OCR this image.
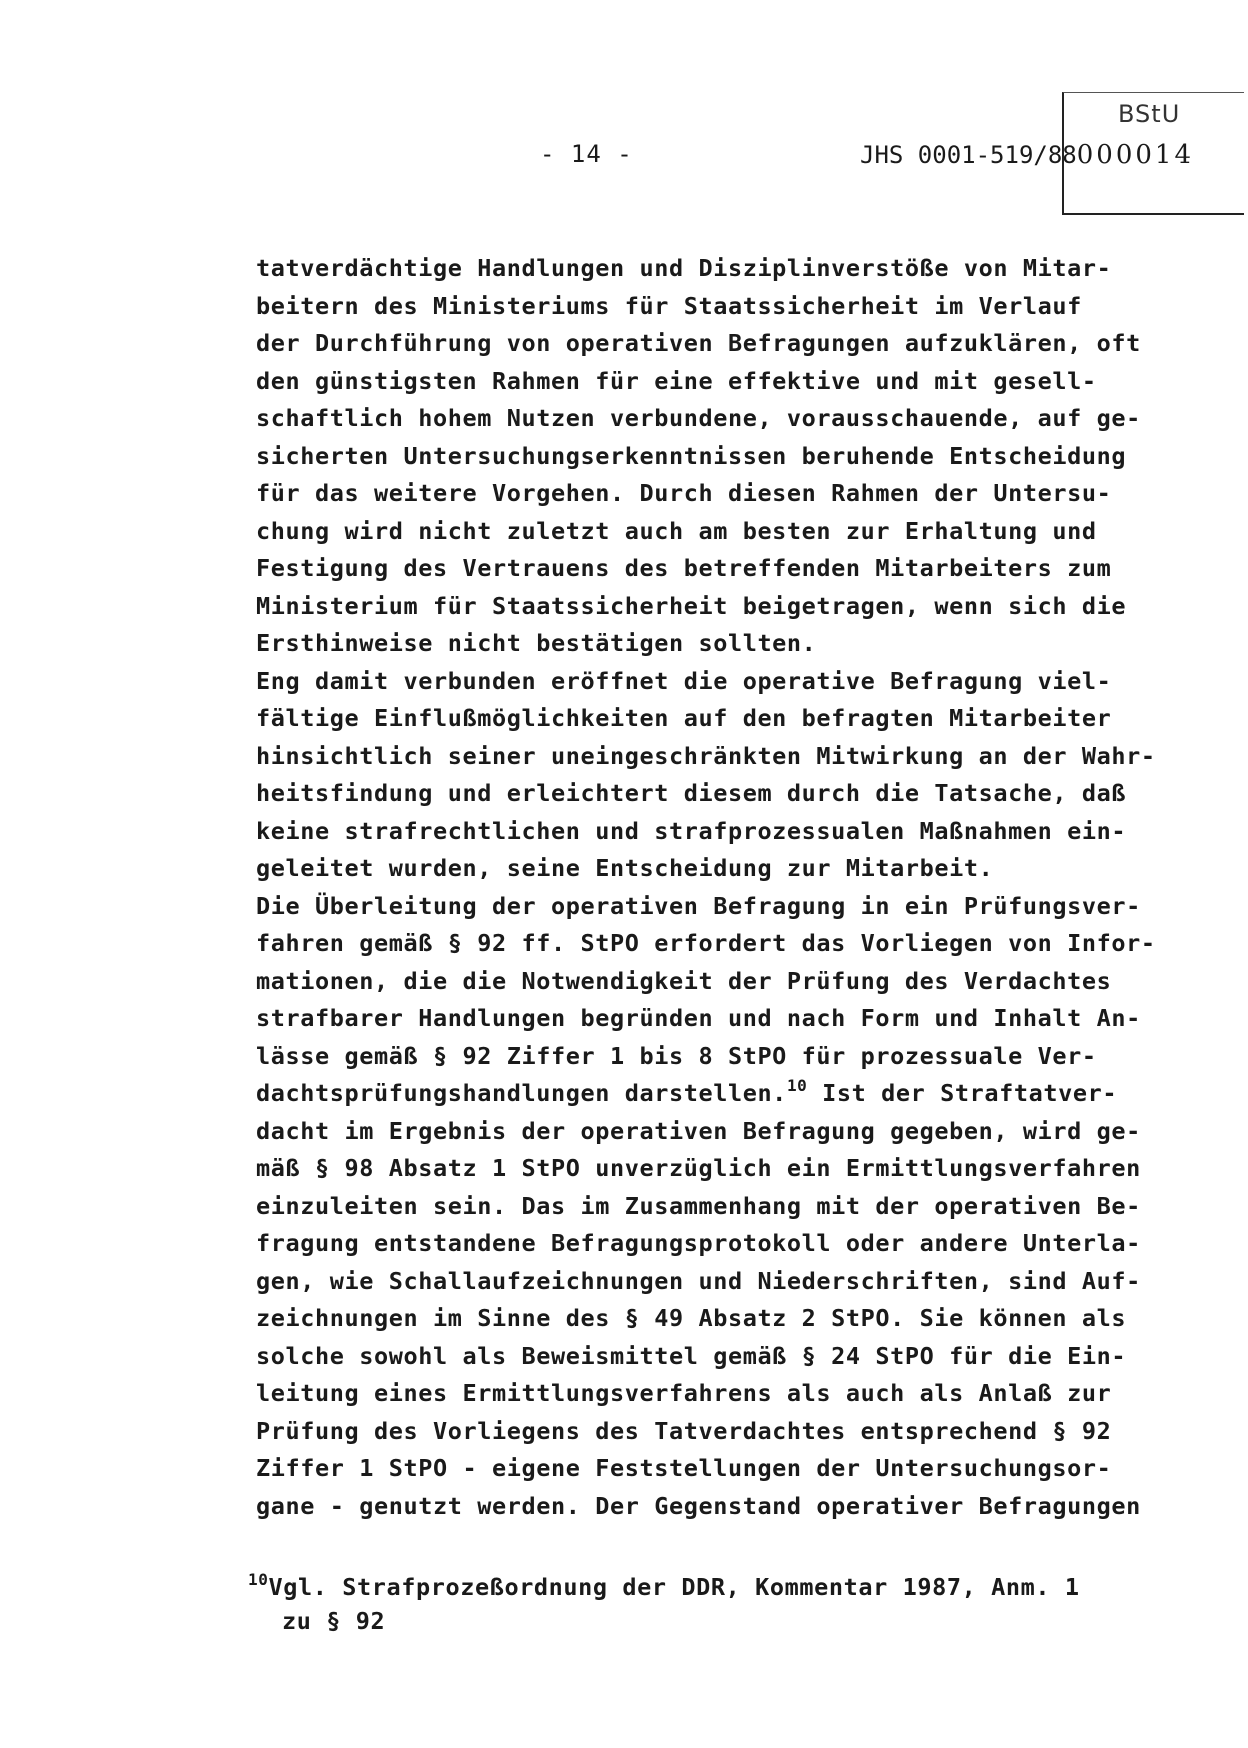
- 14 -	JHS 0001-519/88000014
BStU
tatverdächtige Handlungen und Disziplinverstöße von Mitar-
beitern des Ministeriums für Staatssicherheit im Verlauf
der Durchführung von operativen Befragungen aufzuklären, oft
den günstigsten Rahmen für eine effektive und mit gesell-
schaftlich hohem Nutzen verbundene, vorausschauende, auf ge-
sicherten Untersuchungserkenntnissen beruhende Entscheidung
für das weitere Vorgehen. Durch diesen Rahmen der Untersu-
chung wird nicht zuletzt auch am besten zur Erhaltung und
Festigung des Vertrauens des betreffenden Mitarbeiters zum
Ministerium für Staatssicherheit beigetragen, wenn sich die
Ersthinweise nicht bestätigen sollten.
Eng damit verbunden eröffnet die operative Befragung viel-
fältige Einflußmöglichkeiten auf den befragten Mitarbeiter
hinsichtlich seiner uneingeschränkten Mitwirkung an der Wahr-
heitsfindung und erleichtert diesem durch die Tatsache, daß
keine strafrechtlichen und strafprozessualen Maßnahmen ein-
geleitet wurden, seine Entscheidung zur Mitarbeit.
Die Überleitung der operativen Befragung in ein Prüfungsver-
fahren gemäß § 92 ff. StPO erfordert das Vorliegen von Infor-
mationen, die die Notwendigkeit der Prüfung des Verdachtes
strafbarer Handlungen begründen und nach Form und Inhalt An-
lässe gemäß § 92 Ziffer 1 bis 8 StPO für prozessuale Ver-
dachtsprüfungshandlungen darstellen.$^{10}$ Ist der Straftatver-
dacht im Ergebnis der operativen Befragung gegeben, wird ge-
mäß § 98 Absatz 1 StPO unverzüglich ein Ermittlungsverfahren
einzuleiten sein. Das im Zusammenhang mit der operativen Be-
fragung entstandene Befragungsprotokoll oder andere Unterla-
gen, wie Schallaufzeichnungen und Niederschriften, sind Auf-
zeichnungen im Sinne des § 49 Absatz 2 StPO. Sie können als
solche sowohl als Beweismittel gemäß § 24 StPO für die Ein-
leitung eines Ermittlungsverfahrens als auch als Anlaß zur
Prüfung des Vorliegens des Tatverdachtes entsprechend § 92
Ziffer 1 StPO - eigene Feststellungen der Untersuchungsor-
gane - genutzt werden. Der Gegenstand operativer Befragungen
$^{10}$Vgl. Strafprozeßordnung der DDR, Kommentar 1987, Anm. 1
zu § 92
